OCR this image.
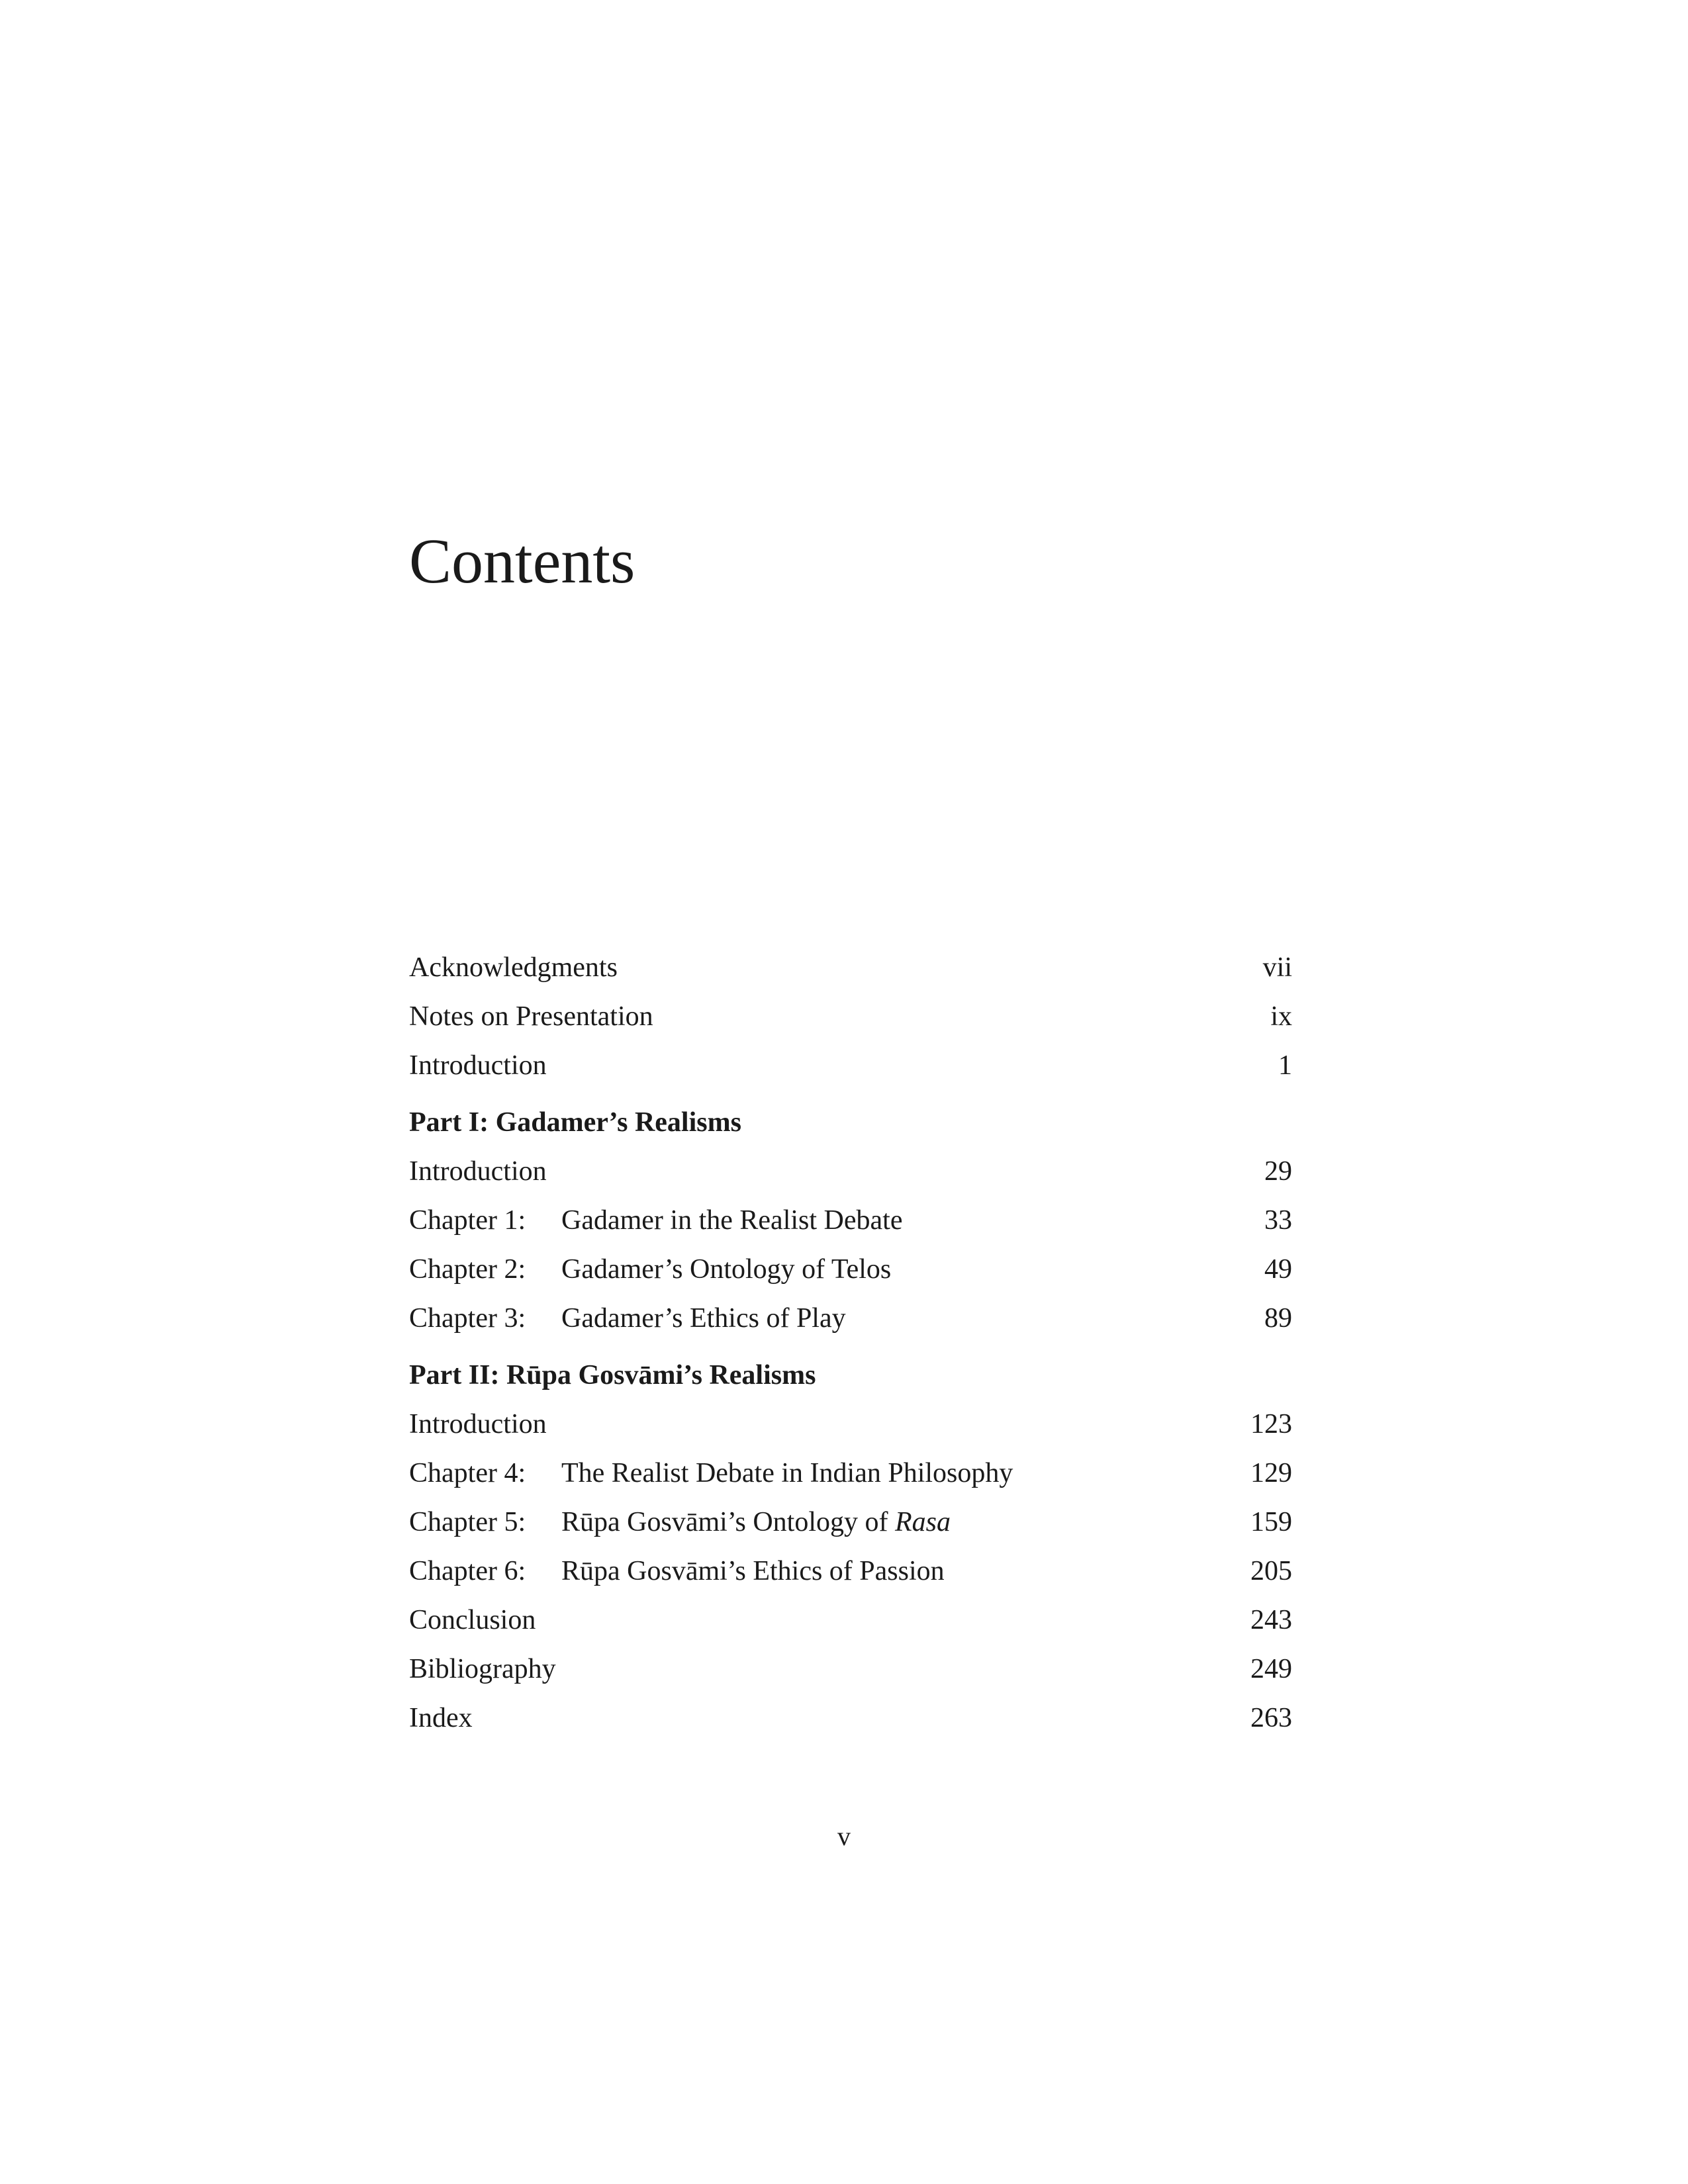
Contents
Acknowledgments	vii
Notes on Presentation	ix
Introduction	1
Part I: Gadamer’s Realisms
Introduction	29
Chapter 1: Gadamer in the Realist Debate	33
Chapter 2: Gadamer’s Ontology of Telos	49
Chapter 3: Gadamer’s Ethics of Play	89
Part II: Rūpa Gosvāmi’s Realisms
Introduction	123
Chapter 4: The Realist Debate in Indian Philosophy	129
Chapter 5: Rūpa Gosvāmi’s Ontology of Rasa	159
Chapter 6: Rūpa Gosvāmi’s Ethics of Passion	205
Conclusion	243
Bibliography	249
Index	263
v
